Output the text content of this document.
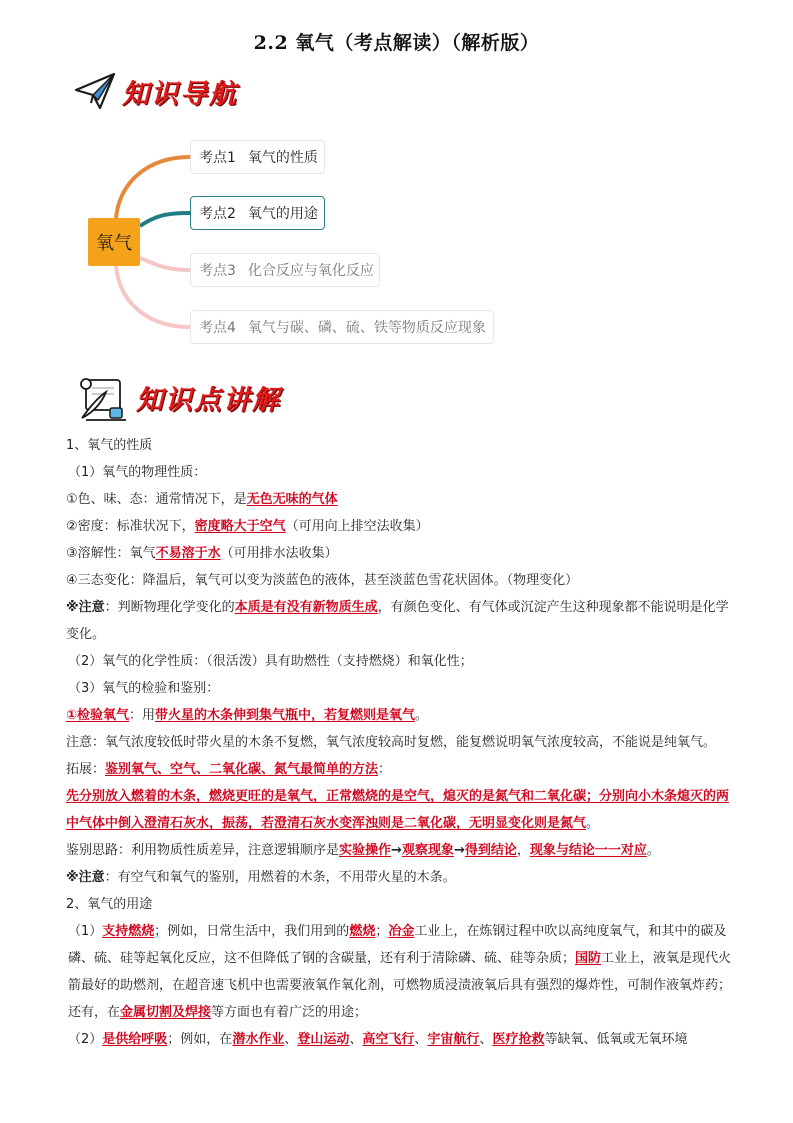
2.2 氧气（考点解读）（解析版）
知识导航
氧气
考点1 氧气的性质
考点2 氧气的用途
考点3 化合反应与氧化反应
考点4 氧气与碳、磷、硫、铁等物质反应现象
知识点讲解

1、氧气的性质

（1）氧气的物理性质：

①色、味、态：通常情况下，是无色无味的气体

②密度：标准状况下，密度略大于空气（可用向上排空法收集）

③溶解性：氧气不易溶于水（可用排水法收集）

④三态变化：降温后，氧气可以变为淡蓝色的液体，甚至淡蓝色雪花状固体。（物理变化）

※注意：判断物理化学变化的本质是有没有新物质生成，有颜色变化、有气体或沉淀产生这种现象都不能说明是化学变化。

（2）氧气的化学性质：（很活泼）具有助燃性（支持燃烧）和氧化性；

（3）氧气的检验和鉴别：

①检验氧气：用带火星的木条伸到集气瓶中，若复燃则是氧气。

注意：氧气浓度较低时带火星的木条不复燃，氧气浓度较高时复燃，能复燃说明氧气浓度较高，不能说是纯氧气。

拓展：鉴别氧气、空气、二氧化碳、氮气最简单的方法：

先分别放入燃着的木条，燃烧更旺的是氧气，正常燃烧的是空气，熄灭的是氮气和二氧化碳；分别向小木条熄灭的两中气体中倒入澄清石灰水，振荡，若澄清石灰水变浑浊则是二氧化碳，无明显变化则是氮气。

鉴别思路：利用物质性质差异，注意逻辑顺序是实验操作→观察现象→得到结论，现象与结论一一对应。

※注意：有空气和氧气的鉴别，用燃着的木条，不用带火星的木条。

2、氧气的用途

（1）支持燃烧；例如，日常生活中，我们用到的燃烧；冶金工业上，在炼钢过程中吹以高纯度氧气，和其中的碳及磷、硫、硅等起氧化反应，这不但降低了钢的含碳量，还有利于清除磷、硫、硅等杂质；国防工业上，液氧是现代火箭最好的助燃剂，在超音速飞机中也需要液氧作氧化剂，可燃物质浸渍液氧后具有强烈的爆炸性，可制作液氧炸药；还有，在金属切割及焊接等方面也有着广泛的用途；

（2）是供给呼吸；例如，在潜水作业、登山运动、高空飞行、宇宙航行、医疗抢救等缺氧、低氧或无氧环境
